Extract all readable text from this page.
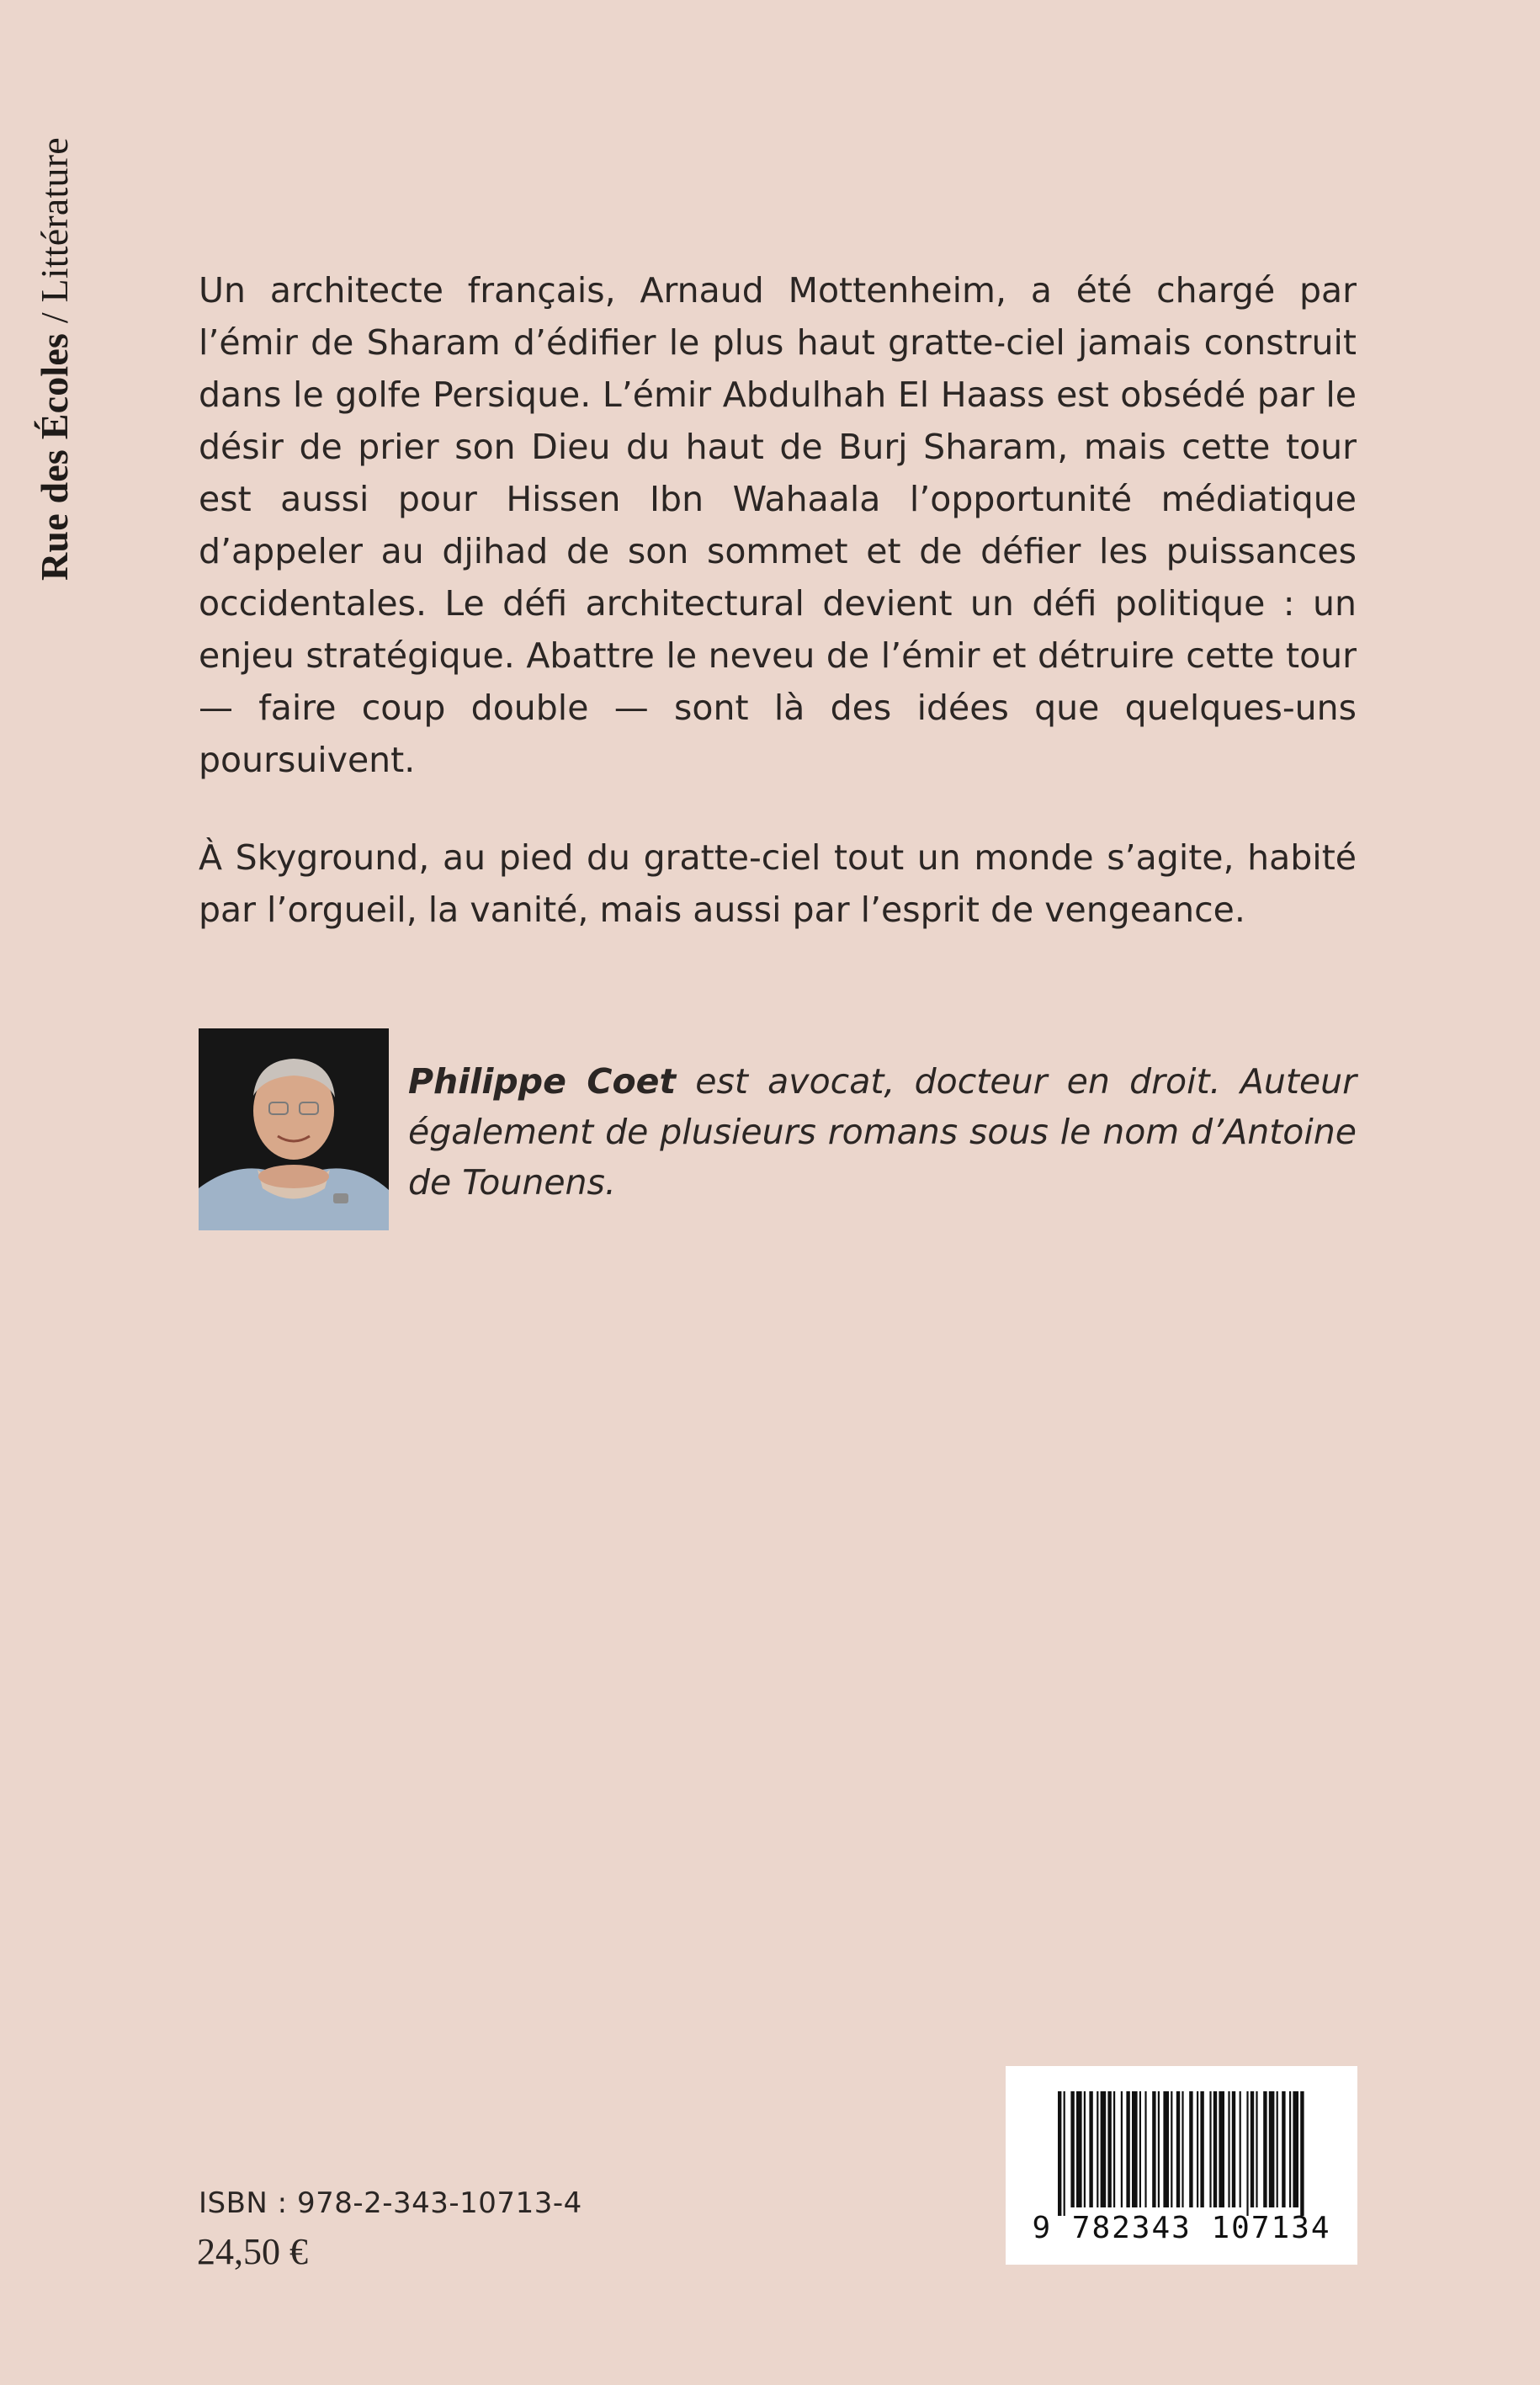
Rue des Écoles / Littérature	Un architecte français, Arnaud Mottenheim, a été chargé par l’émir de Sharam d’édifier le plus haut gratte-ciel jamais construit dans le golfe Persique. L’émir Abdulhah El Haass est obsédé par le désir de prier son Dieu du haut de Burj Sharam, mais cette tour est aussi pour Hissen Ibn Wahaala l’opportunité médiatique d’appeler au djihad de son sommet et de défier les puissances occidentales. Le défi architectural devient un défi politique : un enjeu stratégique. Abattre le neveu de l’émir et détruire cette tour — faire coup double — sont là des idées que quelques-uns poursuivent.

À Skyground, au pied du gratte-ciel tout un monde s’agite, habité par l’orgueil, la vanité, mais aussi par l’esprit de vengeance.

Philippe Coet est avocat, docteur en droit. Auteur également de plusieurs romans sous le nom d’Antoine de Tounens.
ISBN : 978-2-343-10713-4
24,50 €
9 782343 107134
